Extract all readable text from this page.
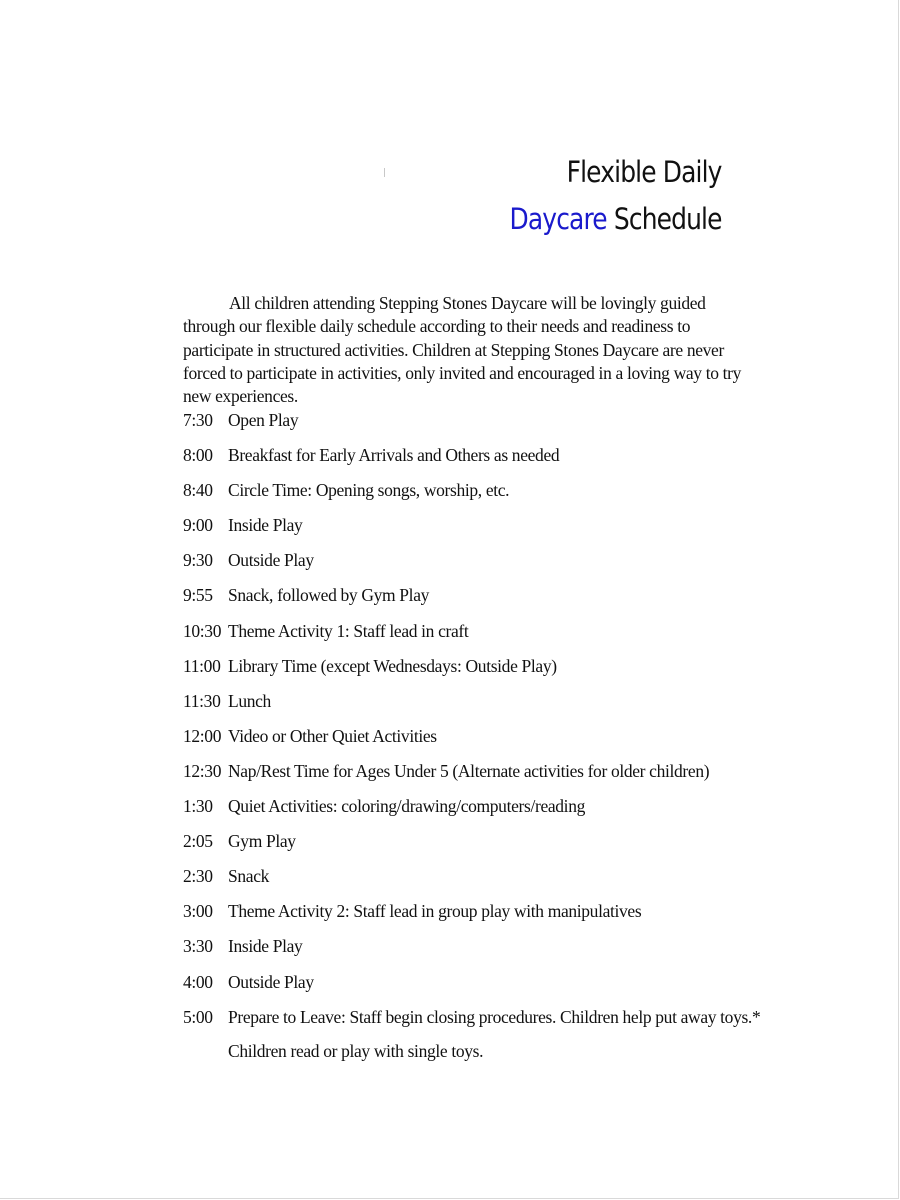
Flexible Daily
Daycare Schedule

All children attending Stepping Stones Daycare will be lovingly guided through our flexible daily schedule according to their needs and readiness to participate in structured activities. Children at Stepping Stones Daycare are never forced to participate in activities, only invited and encouraged in a loving way to try new experiences.

7:30 Open Play
8:00 Breakfast for Early Arrivals and Others as needed
8:40 Circle Time: Opening songs, worship, etc.
9:00 Inside Play
9:30 Outside Play
9:55 Snack, followed by Gym Play
10:30 Theme Activity 1: Staff lead in craft
11:00 Library Time (except Wednesdays: Outside Play)
11:30 Lunch
12:00 Video or Other Quiet Activities
12:30 Nap/Rest Time for Ages Under 5 (Alternate activities for older children)
1:30 Quiet Activities: coloring/drawing/computers/reading
2:05 Gym Play
2:30 Snack
3:00 Theme Activity 2: Staff lead in group play with manipulatives
3:30 Inside Play
4:00 Outside Play
5:00 Prepare to Leave: Staff begin closing procedures. Children help put away toys.*
Children read or play with single toys.
